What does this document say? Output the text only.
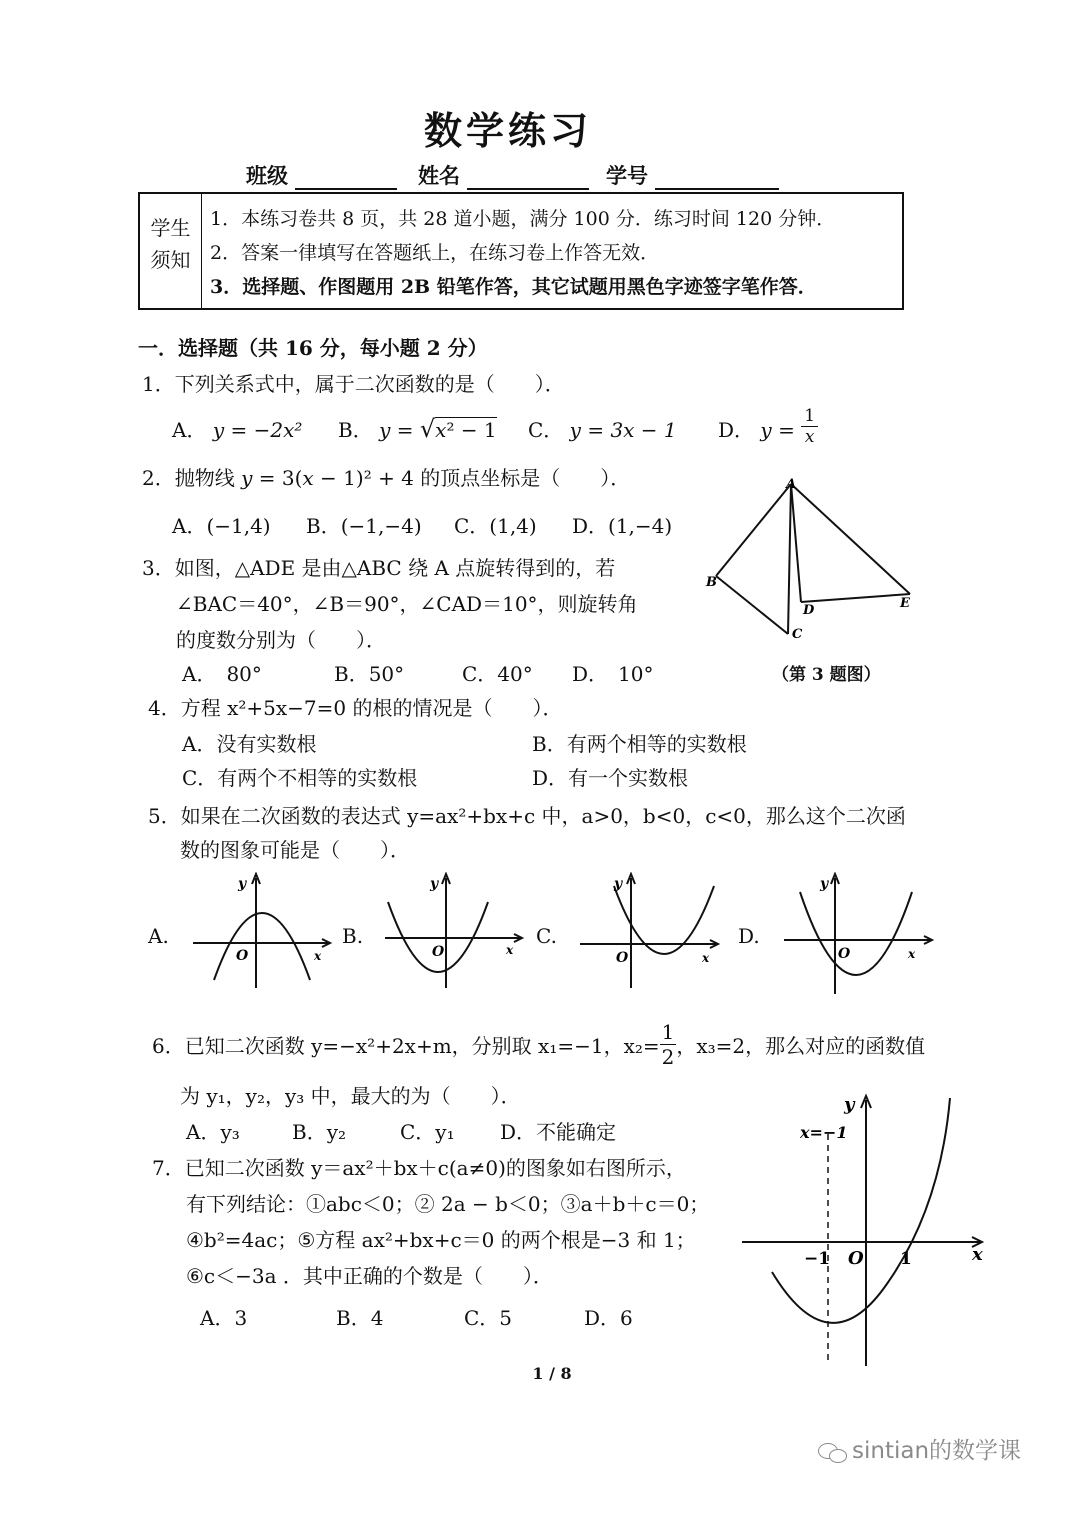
数学练习
班级	姓名	学号
学生
须知
1．本练习卷共 8 页，共 28 道小题，满分 100 分．练习时间 120 分钟．
2．答案一律填写在答题纸上，在练习卷上作答无效．
3．选择题、作图题用 2B 铅笔作答，其它试题用黑色字迹签字笔作答．
一．选择题（共 16 分，每小题 2 分）
1．下列关系式中，属于二次函数的是（　　）．
A． y = −2x² B． y = √x² − 1 C． y = 3x − 1 D． $y = \frac{1}{x}$
2．抛物线 y = 3(x − 1)² + 4 的顶点坐标是（　　）．
A．(−1,4) B．(−1,−4) C．(1,4) D．(1,−4)
3．如图，△ADE 是由△ABC 绕 A 点旋转得到的，若
∠BAC＝40°，∠B＝90°，∠CAD＝10°，则旋转角
的度数分别为（　　）．
A．　80°	B．50°	C．40° D．　10°
A
B
C
D	E
（第 3 题图）
4．方程 x²+5x−7=0 的根的情况是（　　）．
A．没有实数根	B．有两个相等的实数根
C．有两个不相等的实数根	D．有一个实数根
5．如果在二次函数的表达式 y=ax²+bx+c 中，a>0，b<0，c<0，那么这个二次函
数的图象可能是（　　）．
A.
y
O	x
B.
y
O	x
C.
y
O	x
D.
y
O	x
6．已知二次函数 y=−x²+2x+m，分别取 x₁=−1，$x_2= \frac{1}{2}$ ，x₃=2，那么对应的函数值
为 y₁，y₂，y₃ 中，最大的为（　　）．
A．y₃	B．y₂	C．y₁ D．不能确定
7．已知二次函数 y＝ax²＋bx＋c(a≠0)的图象如右图所示，
有下列结论：①abc＜0；② 2a − b＜0；③a＋b＋c＝0；
④b²=4ac；⑤方程 ax²+bx+c＝0 的两个根是−3 和 1；
⑥c＜−3a ．其中正确的个数是（　　）．
A．3	B．4	C．5	D．6
y
x=−1
−1 O 1	x
1 / 8
sintian的数学课
